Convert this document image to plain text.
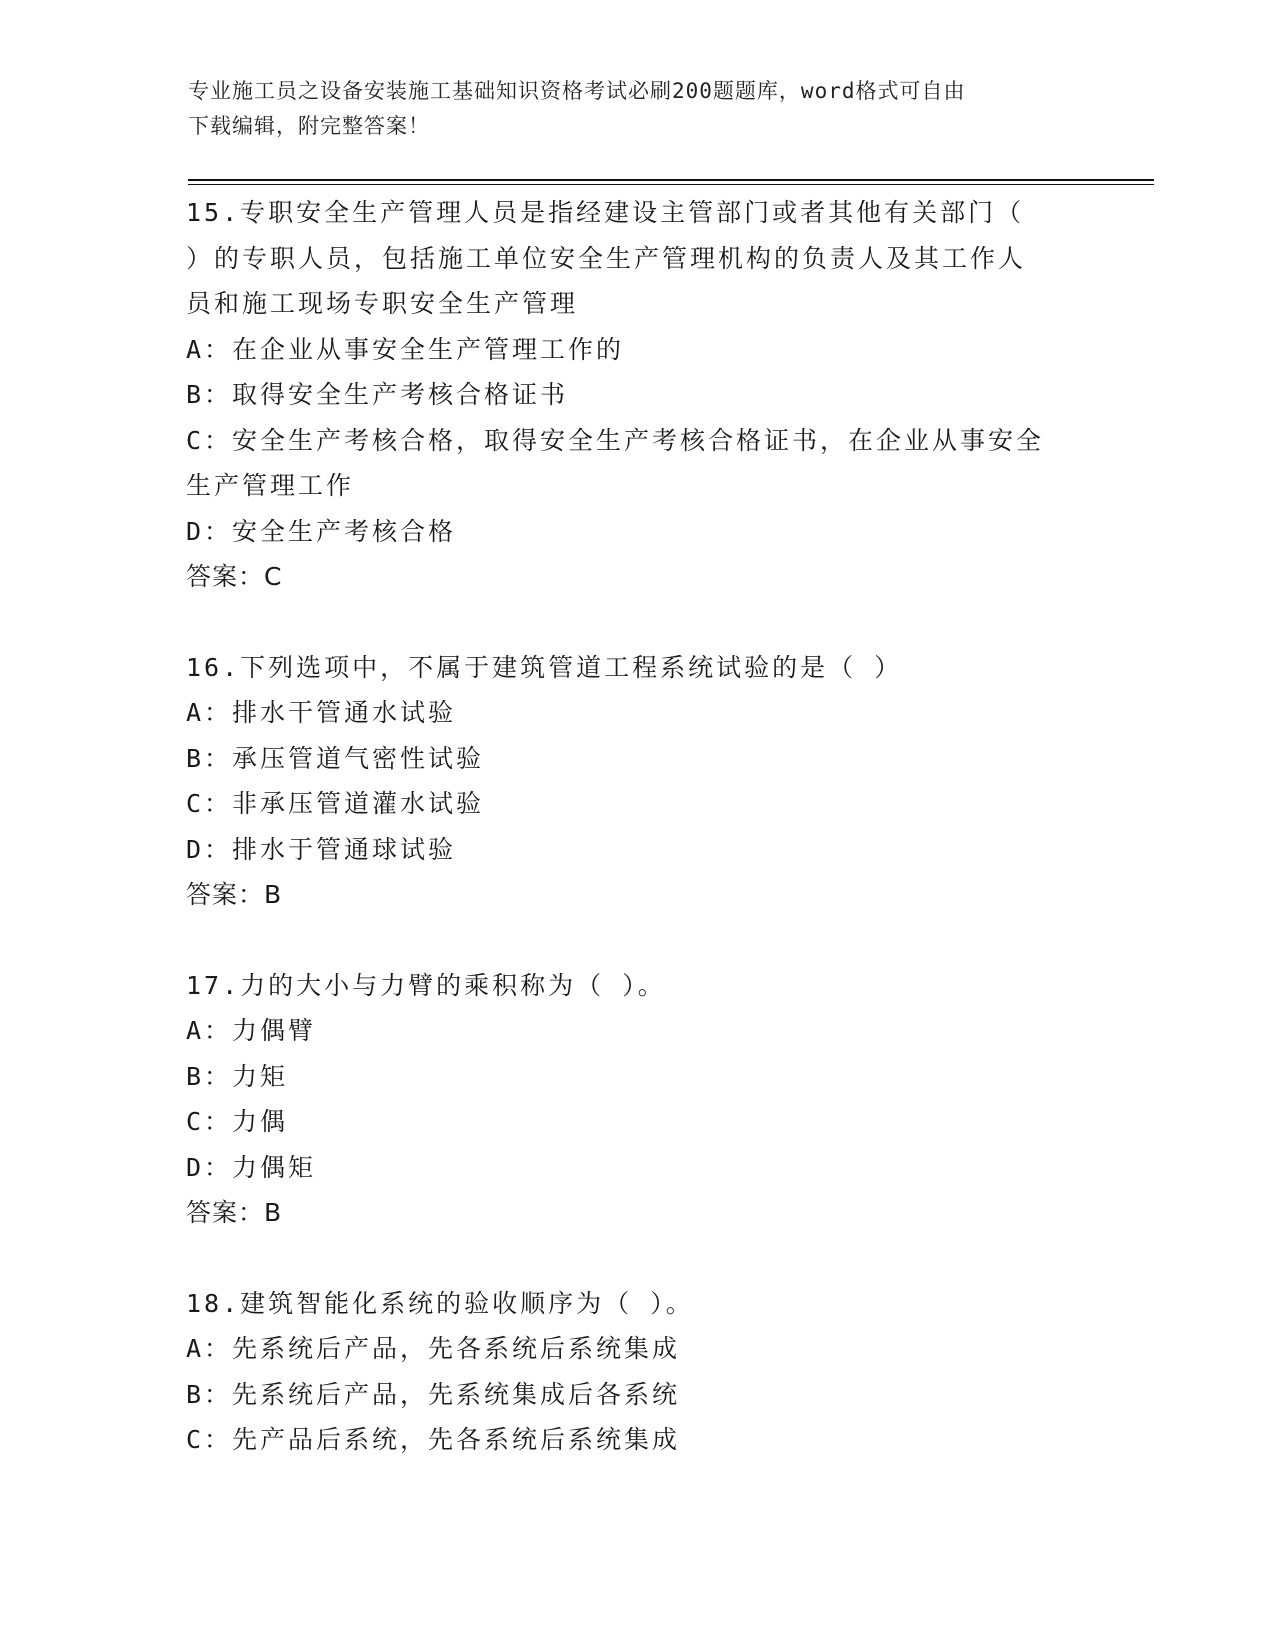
专业施工员之设备安装施工基础知识资格考试必刷200题题库，word格式可自由
下载编辑，附完整答案！
15.专职安全生产管理人员是指经建设主管部门或者其他有关部门（
）的专职人员，包括施工单位安全生产管理机构的负责人及其工作人
员和施工现场专职安全生产管理
A：在企业从事安全生产管理工作的
B：取得安全生产考核合格证书
C：安全生产考核合格，取得安全生产考核合格证书，在企业从事安全
生产管理工作
D：安全生产考核合格
答案：C
16.下列选项中，不属于建筑管道工程系统试验的是（ ）
A：排水干管通水试验
B：承压管道气密性试验
C：非承压管道灌水试验
D：排水于管通球试验
答案：B
17.力的大小与力臂的乘积称为（ ）。
A：力偶臂
B：力矩
C：力偶
D：力偶矩
答案：B
18.建筑智能化系统的验收顺序为（ ）。
A：先系统后产品，先各系统后系统集成
B：先系统后产品，先系统集成后各系统
C：先产品后系统，先各系统后系统集成
